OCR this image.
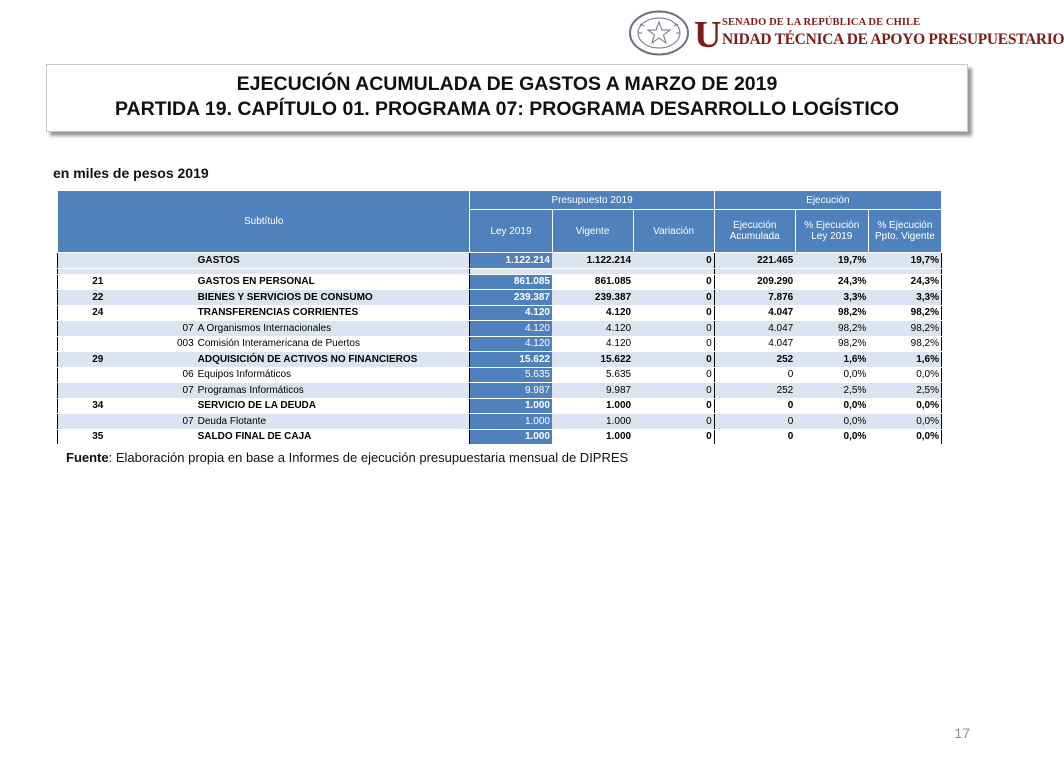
U SENADO DE LA REPÚBLICA DE CHILE
NIDAD TÉCNICA DE APOYO PRESUPUESTARIO
EJECUCIÓN ACUMULADA DE GASTOS A MARZO DE 2019
PARTIDA 19. CAPÍTULO 01. PROGRAMA 07: PROGRAMA DESARROLLO LOGÍSTICO
en miles de pesos 2019
Subtítulo			Presupuesto 2019			Ejecución		
			Ley 2019	Vigente	Variación	Ejecución Acumulada	% Ejecución Ley 2019	% Ejecución Ppto. Vigente
		GASTOS	1.122.214	1.122.214	0	221.465	19,7%	19,7%

21		GASTOS EN PERSONAL	861.085	861.085	0	209.290	24,3%	24,3%
22		BIENES Y SERVICIOS DE CONSUMO	239.387	239.387	0	7.876	3,3%	3,3%
24		TRANSFERENCIAS CORRIENTES	4.120	4.120	0	4.047	98,2%	98,2%
	07	A Organismos Internacionales	4.120	4.120	0	4.047	98,2%	98,2%
	003	Comisión Interamericana de Puertos	4.120	4.120	0	4.047	98,2%	98,2%
29		ADQUISICIÓN DE ACTIVOS NO FINANCIEROS	15.622	15.622	0	252	1,6%	1,6%
	06	Equipos Informáticos	5.635	5.635	0	0	0,0%	0,0%
	07	Programas Informáticos	9.987	9.987	0	252	2,5%	2,5%
34		SERVICIO DE LA DEUDA	1.000	1.000	0	0	0,0%	0,0%
	07	Deuda Flotante	1.000	1.000	0	0	0,0%	0,0%
35		SALDO FINAL DE CAJA	1.000	1.000	0	0	0,0%	0,0%
Fuente: Elaboración propia en base a Informes de ejecución presupuestaria mensual de DIPRES
17
